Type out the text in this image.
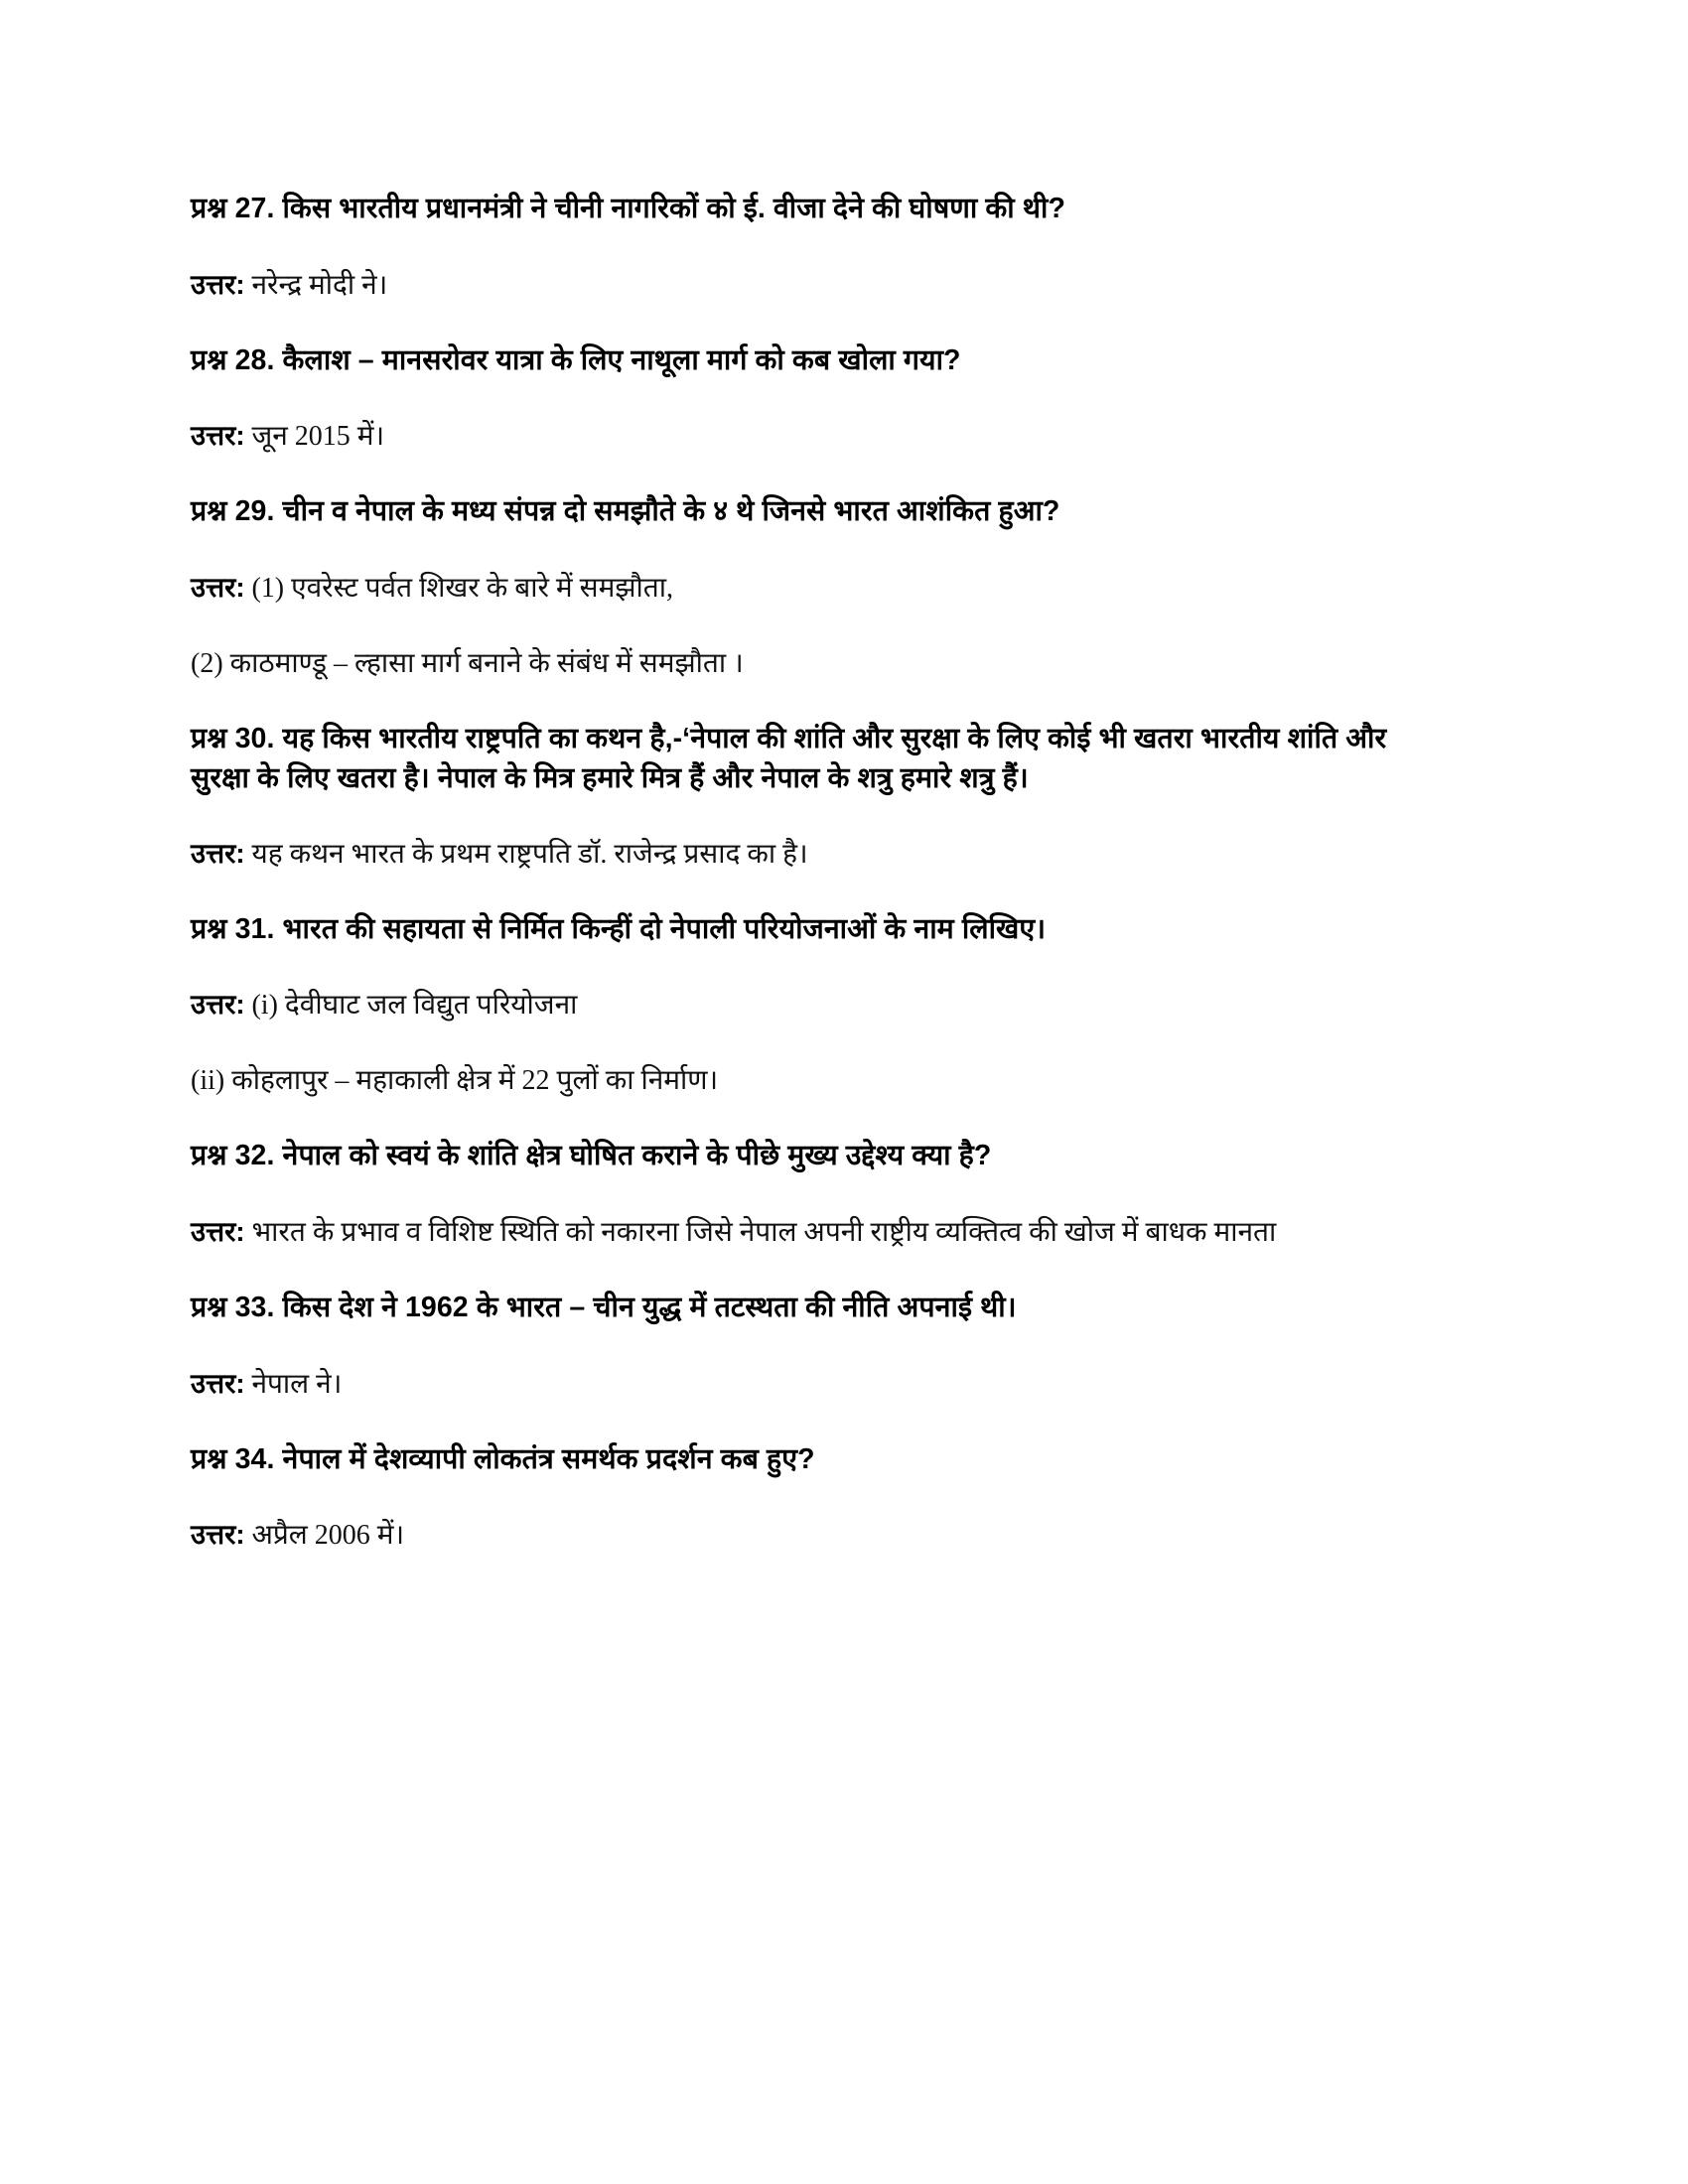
प्रश्न 27. किस भारतीय प्रधानमंत्री ने चीनी नागरिकों को ई. वीजा देने की घोषणा की थी?

उत्तर: नरेन्द्र मोदी ने।

प्रश्न 28. कैलाश – मानसरोवर यात्रा के लिए नाथूला मार्ग को कब खोला गया?

उत्तर: जून 2015 में।

प्रश्न 29. चीन व नेपाल के मध्य संपन्न दो समझौते के ४ थे जिनसे भारत आशंकित हुआ?

उत्तर: (1) एवरेस्ट पर्वत शिखर के बारे में समझौता,

(2) काठमाण्डू – ल्हासा मार्ग बनाने के संबंध में समझौता ।

प्रश्न 30. यह किस भारतीय राष्ट्रपति का कथन है,-‘नेपाल की शांति और सुरक्षा के लिए कोई भी खतरा भारतीय शांति और सुरक्षा के लिए खतरा है। नेपाल के मित्र हमारे मित्र हैं और नेपाल के शत्रु हमारे शत्रु हैं।

उत्तर: यह कथन भारत के प्रथम राष्ट्रपति डॉ. राजेन्द्र प्रसाद का है।

प्रश्न 31. भारत की सहायता से निर्मित किन्हीं दो नेपाली परियोजनाओं के नाम लिखिए।

उत्तर: (i) देवीघाट जल विद्युत परियोजना

(ii) कोहलापुर – महाकाली क्षेत्र में 22 पुलों का निर्माण।

प्रश्न 32. नेपाल को स्वयं के शांति क्षेत्र घोषित कराने के पीछे मुख्य उद्देश्य क्या है?

उत्तर: भारत के प्रभाव व विशिष्ट स्थिति को नकारना जिसे नेपाल अपनी राष्ट्रीय व्यक्तित्व की खोज में बाधक मानता

प्रश्न 33. किस देश ने 1962 के भारत – चीन युद्ध में तटस्थता की नीति अपनाई थी।

उत्तर: नेपाल ने।

प्रश्न 34. नेपाल में देशव्यापी लोकतंत्र समर्थक प्रदर्शन कब हुए?

उत्तर: अप्रैल 2006 में।
